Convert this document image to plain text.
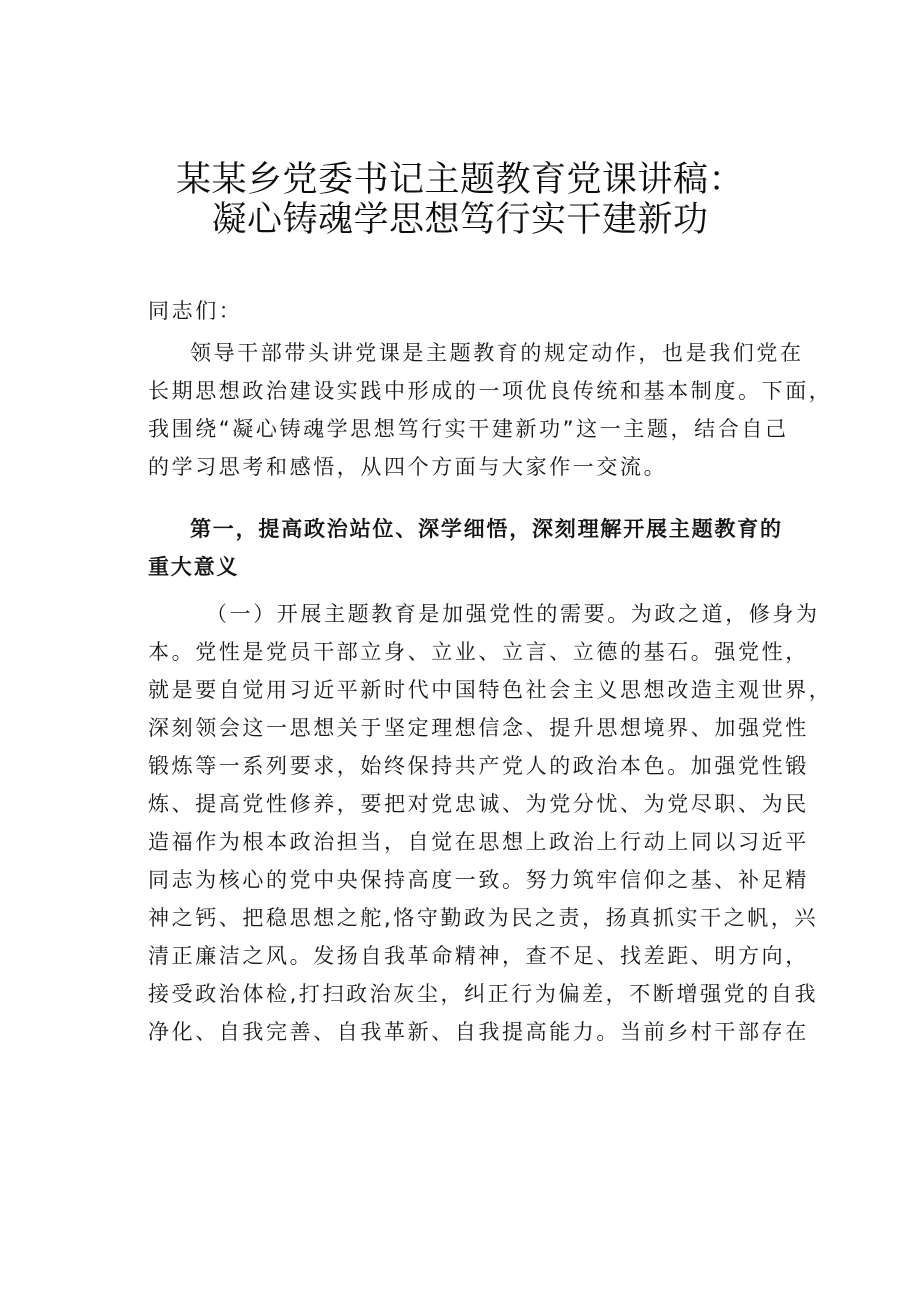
某某乡党委书记主题教育党课讲稿：
凝心铸魂学思想笃行实干建新功
同志们：
领导干部带头讲党课是主题教育的规定动作，也是我们党在
长期思想政治建设实践中形成的一项优良传统和基本制度。下面，
我围绕“凝心铸魂学思想笃行实干建新功”这一主题，结合自己
的学习思考和感悟，从四个方面与大家作一交流。
第一，提高政治站位、深学细悟，深刻理解开展主题教育的
重大意义
（一）开展主题教育是加强党性的需要。为政之道，修身为
本。党性是党员干部立身、立业、立言、立德的基石。强党性，
就是要自觉用习近平新时代中国特色社会主义思想改造主观世界，
深刻领会这一思想关于坚定理想信念、提升思想境界、加强党性
锻炼等一系列要求，始终保持共产党人的政治本色。加强党性锻
炼、提高党性修养，要把对党忠诚、为党分忧、为党尽职、为民
造福作为根本政治担当，自觉在思想上政治上行动上同以习近平
同志为核心的党中央保持高度一致。努力筑牢信仰之基、补足精
神之钙、把稳思想之舵,恪守勤政为民之责，扬真抓实干之帆，兴
清正廉洁之风。发扬自我革命精神，查不足、找差距、明方向，
接受政治体检,打扫政治灰尘，纠正行为偏差，不断增强党的自我
净化、自我完善、自我革新、自我提高能力。当前乡村干部存在
